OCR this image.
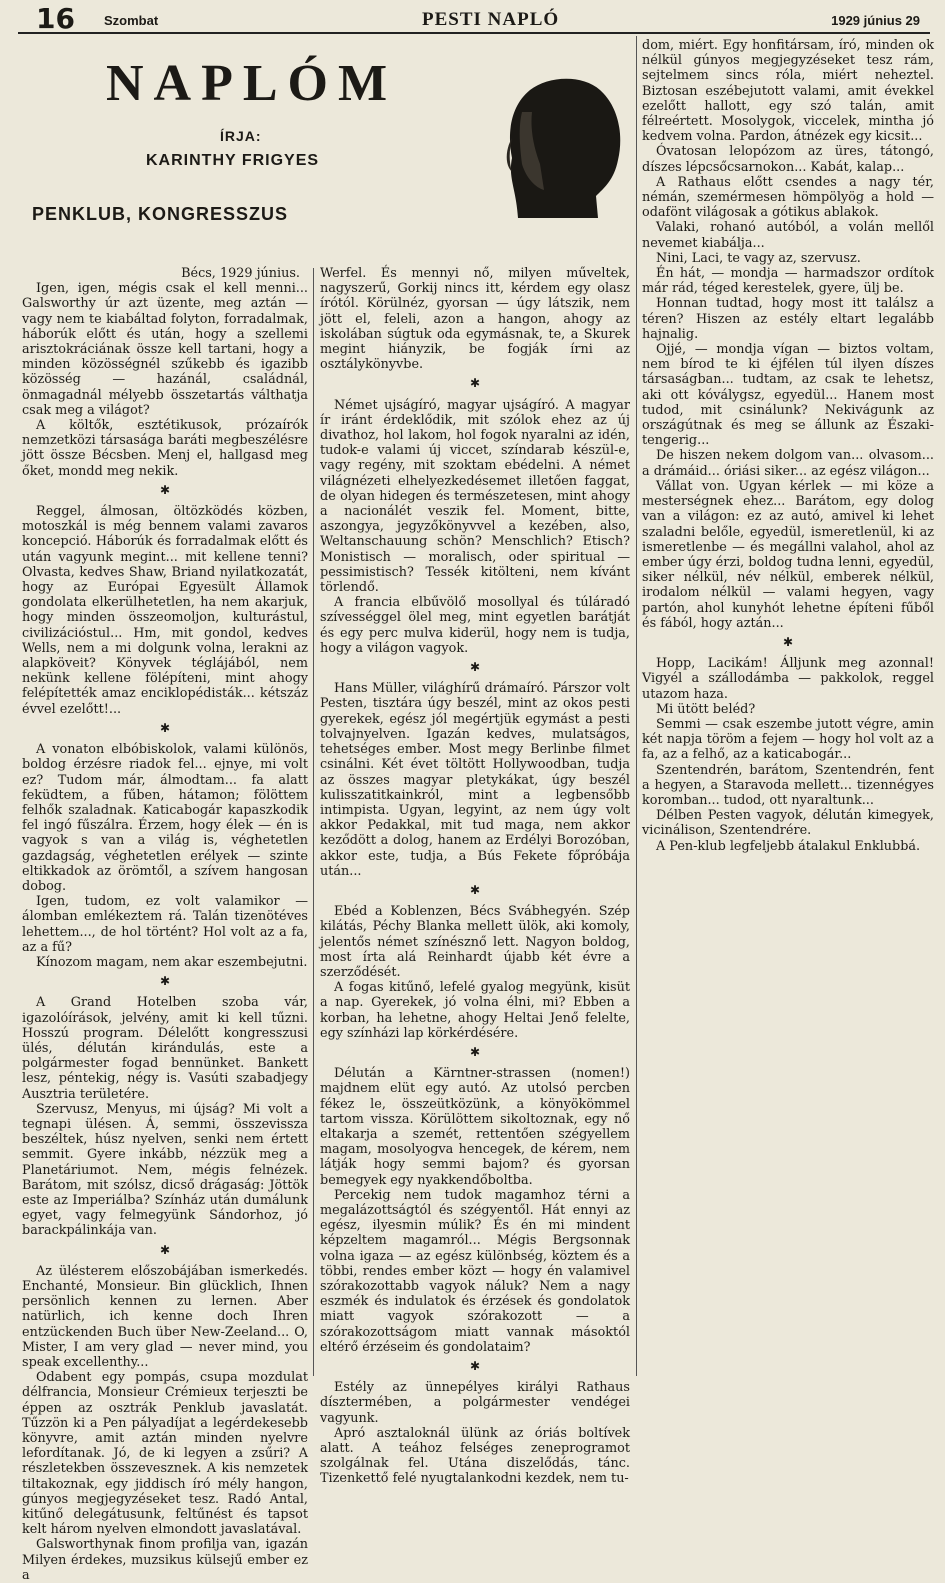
16 Szombat	PESTI NAPLÓ	1929 június 29
NAPLÓM
ÍRJA:
KARINTHY FRIGYES
PENKLUB, KONGRESSZUS

Bécs, 1929 június.

Igen, igen, mégis csak el kell menni... Galsworthy úr azt üzente, meg aztán — vagy nem te kiabáltad folyton, forradalmak, háborúk előtt és után, hogy a szellemi arisztokráciának össze kell tartani, hogy a minden közösségnél szűkebb és igazibb közösség — hazánál, családnál, önmagadnál mélyebb összetartás válthatja csak meg a világot?

A költők, esztétikusok, prózaírók nemzetközi társasága baráti megbeszélésre jött össze Bécsben. Menj el, hallgasd meg őket, mondd meg nekik.

✱

Reggel, álmosan, öltözködés közben, motoszkál is még bennem valami zavaros koncepció. Háborúk és forradalmak előtt és után vagyunk megint... mit kellene tenni? Olvasta, kedves Shaw, Briand nyilatkozatát, hogy az Európai Egyesült Államok gondolata elkerülhetetlen, ha nem akarjuk, hogy minden összeomoljon, kulturástul, civilizációstul... Hm, mit gondol, kedves Wells, nem a mi dolgunk volna, lerakni az alapköveit? Könyvek téglájából, nem nekünk kellene fölépíteni, mint ahogy felépítették amaz enciklopédisták... kétszáz évvel ezelőtt!...

✱

A vonaton elbóbiskolok, valami különös, boldog érzésre riadok fel... ejnye, mi volt ez? Tudom már, álmodtam... fa alatt feküdtem, a fűben, hátamon; fölöttem felhők szaladnak. Katicabogár kapaszkodik fel ingó fűszálra. Érzem, hogy élek — én is vagyok s van a világ is, véghetetlen gazdagság, véghetetlen erélyek — szinte eltikkadok az örömtől, a szívem hangosan dobog.

Igen, tudom, ez volt valamikor — álomban emlékeztem rá. Talán tizenötéves lehettem..., de hol történt? Hol volt az a fa, az a fű?

Kínozom magam, nem akar eszembejutni.

✱

A Grand Hotelben szoba vár, igazolóírások, jelvény, amit ki kell tűzni. Hosszú program. Délelőtt kongresszusi ülés, délután kirándulás, este a polgármester fogad bennünket. Bankett lesz, péntekig, négy is. Vasúti szabadjegy Ausztria területére.

Szervusz, Menyus, mi újság? Mi volt a tegnapi ülésen. Á, semmi, összevissza beszéltek, húsz nyelven, senki nem értett semmit. Gyere inkább, nézzük meg a Planetáriumot. Nem, mégis felnézek. Barátom, mit szólsz, dicső drágaság: Jöttök este az Imperiálba? Színház után dumálunk egyet, vagy felmegyünk Sándorhoz, jó barackpálinkája van.

✱

Az ülésterem előszobájában ismerkedés. Enchanté, Monsieur. Bin glücklich, Ihnen persönlich kennen zu lernen. Aber natürlich, ich kenne doch Ihren entzückenden Buch über New-Zeeland... O, Mister, I am very glad — never mind, you speak excellenthy...

Odabent egy pompás, csupa mozdulat délfrancia, Monsieur Crémieux terjeszti be éppen az osztrák Penklub javaslatát. Tűzzön ki a Pen pályadíjat a legérdekesebb könyvre, amit aztán minden nyelvre lefordítanak. Jó, de ki legyen a zsűri? A részletekben összevesznek. A kis nemzetek tiltakoznak, egy jiddisch író mély hangon, gúnyos megjegyzéseket tesz. Radó Antal, kitűnő delegátusunk, feltűnést és tapsot kelt három nyelven elmondott javaslatával.

Galsworthynak finom profilja van, igazán Milyen érdekes, muzsikus külsejű ember ez a

Werfel. És mennyi nő, milyen műveltek, nagyszerű, Gorkij nincs itt, kérdem egy olasz írótól. Körülnéz, gyorsan — úgy látszik, nem jött el, feleli, azon a hangon, ahogy az iskolában súgtuk oda egymásnak, te, a Skurek megint hiányzik, be fogják írni az osztálykönyvbe.

✱

Német ujságíró, magyar ujságíró. A magyar ír iránt érdeklődik, mit szólok ehez az új divathoz, hol lakom, hol fogok nyaralni az idén, tudok-e valami új viccet, színdarab készül-e, vagy regény, mit szoktam ebédelni. A német világnézeti elhelyezkedésemet illetően faggat, de olyan hidegen és természetesen, mint ahogy a nacionálét veszik fel. Moment, bitte, aszongya, jegyzőkönyvvel a kezében, also, Weltanschauung schön? Menschlich? Etisch? Monistisch — moralisch, oder spiritual — pessimistisch? Tessék kitölteni, nem kívánt törlendő.

A francia elbűvölő mosollyal és túláradó szívességgel ölel meg, mint egyetlen barátját és egy perc mulva kiderül, hogy nem is tudja, hogy a világon vagyok.

✱

Hans Müller, világhírű drámaíró. Párszor volt Pesten, tisztára úgy beszél, mint az okos pesti gyerekek, egész jól megértjük egymást a pesti tolvajnyelven. Igazán kedves, mulatságos, tehetséges ember. Most megy Berlinbe filmet csinálni. Két évet töltött Hollywoodban, tudja az összes magyar pletykákat, úgy beszél kulisszatitkainkról, mint a legbensőbb intimpista. Ugyan, legyint, az nem úgy volt akkor Pedakkal, mit tud maga, nem akkor keződött a dolog, hanem az Erdélyi Borozóban, akkor este, tudja, a Bús Fekete főpróbája után...

✱

Ebéd a Koblenzen, Bécs Svábhegyén. Szép kilátás, Péchy Blanka mellett ülök, aki komoly, jelentős német színésznő lett. Nagyon boldog, most írta alá Reinhardt újabb két évre a szerződését.

A fogas kitűnő, lefelé gyalog megyünk, kisüt a nap. Gyerekek, jó volna élni, mi? Ebben a korban, ha lehetne, ahogy Heltai Jenő felelte, egy színházi lap körkérdésére.

✱

Délután a Kärntner-strassen (nomen!) majdnem elüt egy autó. Az utolsó percben fékez le, összeütközünk, a könyökömmel tartom vissza. Körülöttem sikoltoznak, egy nő eltakarja a szemét, rettentően szégyellem magam, mosolyogva hencegek, de kérem, nem látják hogy semmi bajom? és gyorsan bemegyek egy nyakkendőboltba.

Percekig nem tudok magamhoz térni a megalázottságtól és szégyentől. Hát ennyi az egész, ilyesmin múlik? És én mi mindent képzeltem magamról... Mégis Bergsonnak volna igaza — az egész különbség, köztem és a többi, rendes ember közt — hogy én valamivel szórakozottabb vagyok náluk? Nem a nagy eszmék és indulatok és érzések és gondolatok miatt vagyok szórakozott — a szórakozottságom miatt vannak másoktól eltérő érzéseim és gondolataim?

✱

Estély az ünnepélyes királyi Rathaus dísztermében, a polgármester vendégei vagyunk.

Apró asztaloknál ülünk az óriás boltívek alatt. A teához felséges zeneprogramot szolgálnak fel. Utána diszelődás, tánc. Tizenkettő felé nyugtalankodni kezdek, nem tu-

dom, miért. Egy honfitársam, író, minden ok nélkül gúnyos megjegyzéseket tesz rám, sejtelmem sincs róla, miért neheztel. Biztosan eszébejutott valami, amit évekkel ezelőtt hallott, egy szó talán, amit félreértett. Mosolygok, viccelek, mintha jó kedvem volna. Pardon, átnézek egy kicsit...

Óvatosan lelopózom az üres, tátongó, díszes lépcsőcsarnokon... Kabát, kalap...

A Rathaus előtt csendes a nagy tér, némán, szemérmesen hömpölyög a hold — odafönt világosak a gótikus ablakok.

Valaki, rohanó autóból, a volán mellől nevemet kiabálja...

Nini, Laci, te vagy az, szervusz.

Én hát, — mondja — harmadszor ordítok már rád, téged kerestelek, gyere, ülj be.

Honnan tudtad, hogy most itt találsz a téren? Hiszen az estély eltart legalább hajnalig.

Ojjé, — mondja vígan — biztos voltam, nem bírod te ki éjfélen túl ilyen díszes társaságban... tudtam, az csak te lehetsz, aki ott kóválygsz, egyedül... Hanem most tudod, mit csinálunk? Nekivágunk az országútnak és meg se állunk az Északi-tengerig...

De hiszen nekem dolgom van... olvasom... a drámáid... óriási siker... az egész világon...

Vállat von. Ugyan kérlek — mi köze a mesterségnek ehez... Barátom, egy dolog van a világon: ez az autó, amivel ki lehet szaladni belőle, egyedül, ismeretlenül, ki az ismeretlenbe — és megállni valahol, ahol az ember úgy érzi, boldog tudna lenni, egyedül, siker nélkül, név nélkül, emberek nélkül, irodalom nélkül — valami hegyen, vagy partón, ahol kunyhót lehetne építeni fűből és fából, hogy aztán...

✱

Hopp, Lacikám! Álljunk meg azonnal! Vigyél a szállodámba — pakkolok, reggel utazom haza.

Mi ütött beléd?

Semmi — csak eszembe jutott végre, amin két napja töröm a fejem — hogy hol volt az a fa, az a felhő, az a katicabogár...

Szentendrén, barátom, Szentendrén, fent a hegyen, a Staravoda mellett... tizennégyes koromban... tudod, ott nyaraltunk...

Délben Pesten vagyok, délután kimegyek, vicinálison, Szentendrére.

A Pen-klub legfeljebb átalakul Enklubbá.
